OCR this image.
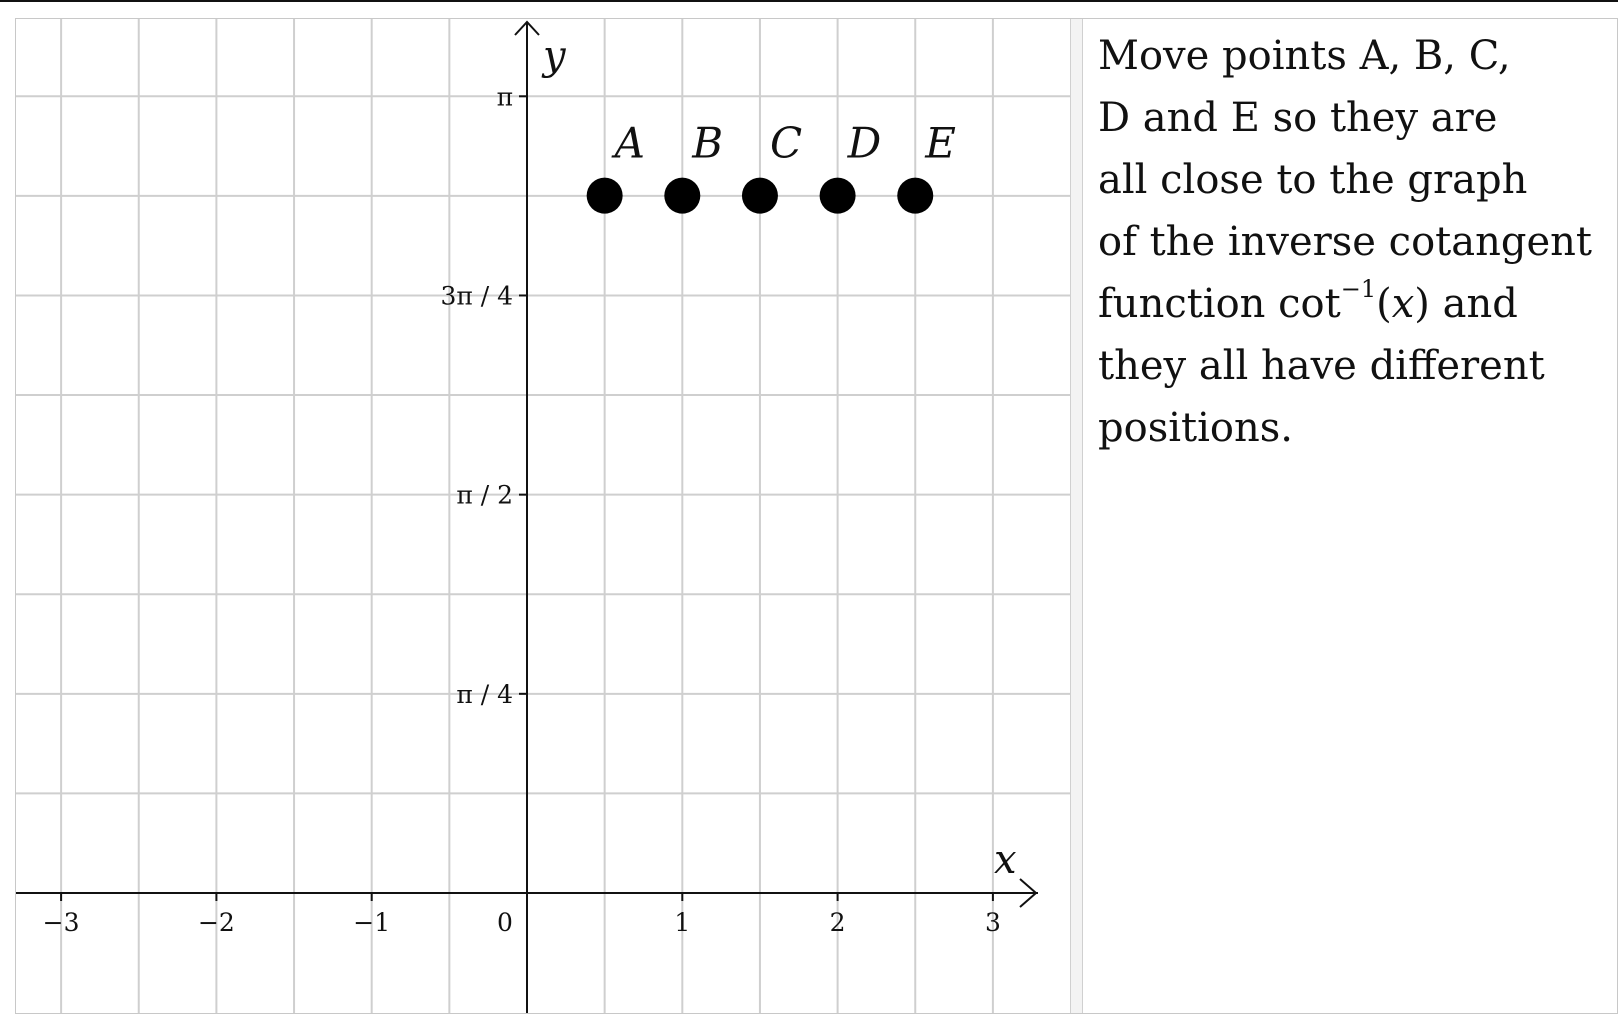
x
y
−3	−2	−1	0	1	2	3
π / 4
π / 2
3π / 4
π
A B C D E

Move points A, B, C,
D and E so they are
all close to the graph
of the inverse cotangent
function $\cot^{-1}(x)$ and
they all have different
positions.
